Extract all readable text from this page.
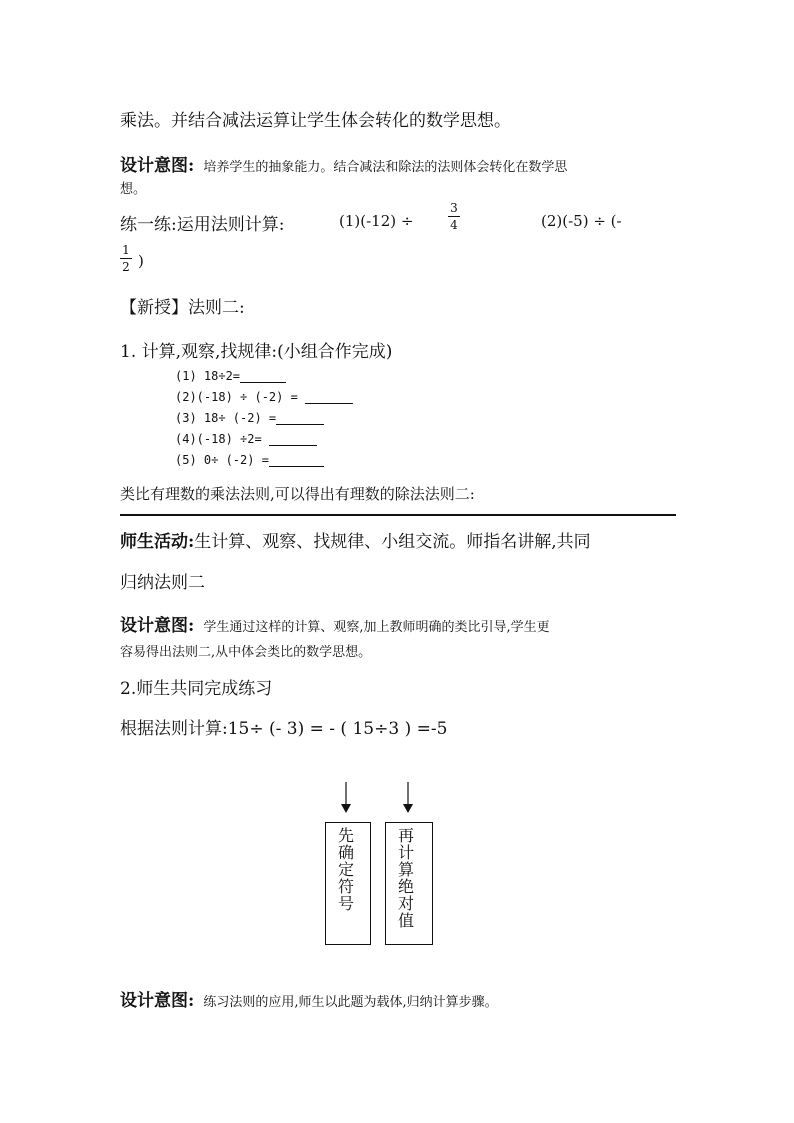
乘法。并结合减法运算让学生体会转化的数学思想。
设计意图: 培养学生的抽象能力。结合减法和除法的法则体会转化在数学思
想。
练一练:运用法则计算:	(1)(-12) ÷
3
4	(2)(-5) ÷ (-
1
2 )
【新授】法则二:
1. 计算,观察,找规律:(小组合作完成)
(1) 18÷2=
(2)(-18) ÷ (-2) =
(3) 18÷ (-2) =
(4)(-18) ÷2=
(5) 0÷ (-2) =
类比有理数的乘法法则,可以得出有理数的除法法则二:
师生活动:生计算、观察、找规律、小组交流。师指名讲解,共同
归纳法则二
设计意图: 学生通过这样的计算、观察,加上教师明确的类比引导,学生更
容易得出法则二,从中体会类比的数学思想。
2.师生共同完成练习
根据法则计算:15÷ (- 3) = - ( 15÷3 ) =-5
先
确
定
符
号
再
计
算
绝
对
值
设计意图: 练习法则的应用,师生以此题为载体,归纳计算步骤。
